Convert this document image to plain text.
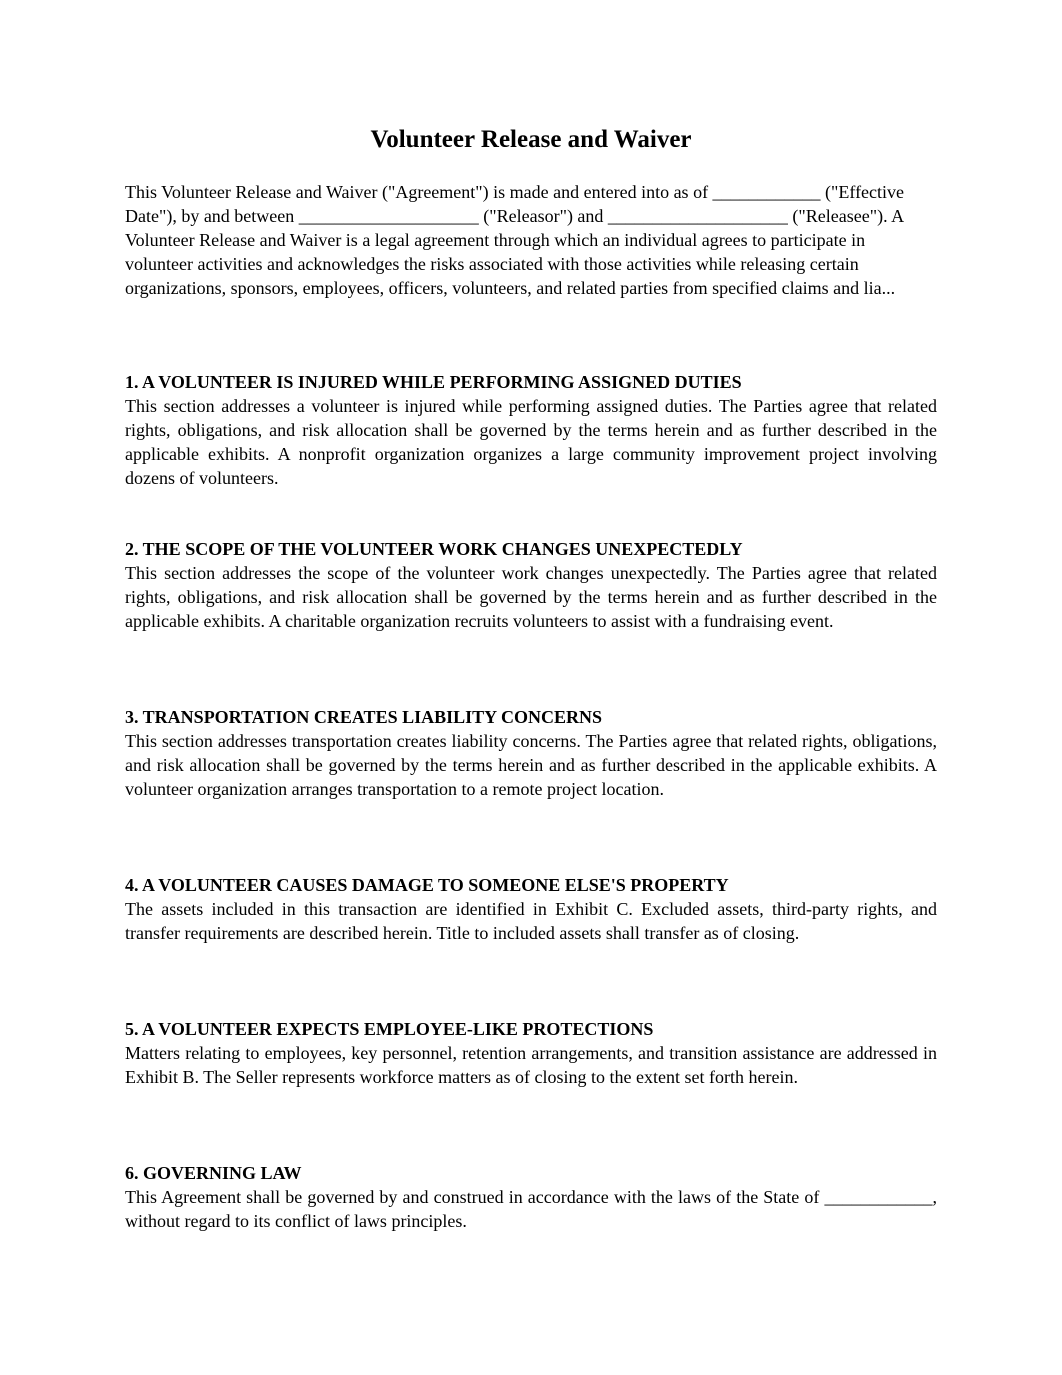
Volunteer Release and Waiver

This Volunteer Release and Waiver ("Agreement") is made and entered into as of ____________ ("Effective Date"), by and between ____________________ ("Releasor") and ____________________ ("Releasee"). A Volunteer Release and Waiver is a legal agreement through which an individual agrees to participate in volunteer activities and acknowledges the risks associated with those activities while releasing certain organizations, sponsors, employees, officers, volunteers, and related parties from specified claims and lia...

1. A VOLUNTEER IS INJURED WHILE PERFORMING ASSIGNED DUTIES

This section addresses a volunteer is injured while performing assigned duties. The Parties agree that related rights, obligations, and risk allocation shall be governed by the terms herein and as further described in the applicable exhibits. A nonprofit organization organizes a large community improvement project involving dozens of volunteers.

2. THE SCOPE OF THE VOLUNTEER WORK CHANGES UNEXPECTEDLY

This section addresses the scope of the volunteer work changes unexpectedly. The Parties agree that related rights, obligations, and risk allocation shall be governed by the terms herein and as further described in the applicable exhibits. A charitable organization recruits volunteers to assist with a fundraising event.

3. TRANSPORTATION CREATES LIABILITY CONCERNS

This section addresses transportation creates liability concerns. The Parties agree that related rights, obligations, and risk allocation shall be governed by the terms herein and as further described in the applicable exhibits. A volunteer organization arranges transportation to a remote project location.

4. A VOLUNTEER CAUSES DAMAGE TO SOMEONE ELSE'S PROPERTY

The assets included in this transaction are identified in Exhibit C. Excluded assets, third-party rights, and transfer requirements are described herein. Title to included assets shall transfer as of closing.

5. A VOLUNTEER EXPECTS EMPLOYEE-LIKE PROTECTIONS

Matters relating to employees, key personnel, retention arrangements, and transition assistance are addressed in Exhibit B. The Seller represents workforce matters as of closing to the extent set forth herein.

6. GOVERNING LAW

This Agreement shall be governed by and construed in accordance with the laws of the State of ____________, without regard to its conflict of laws principles.
